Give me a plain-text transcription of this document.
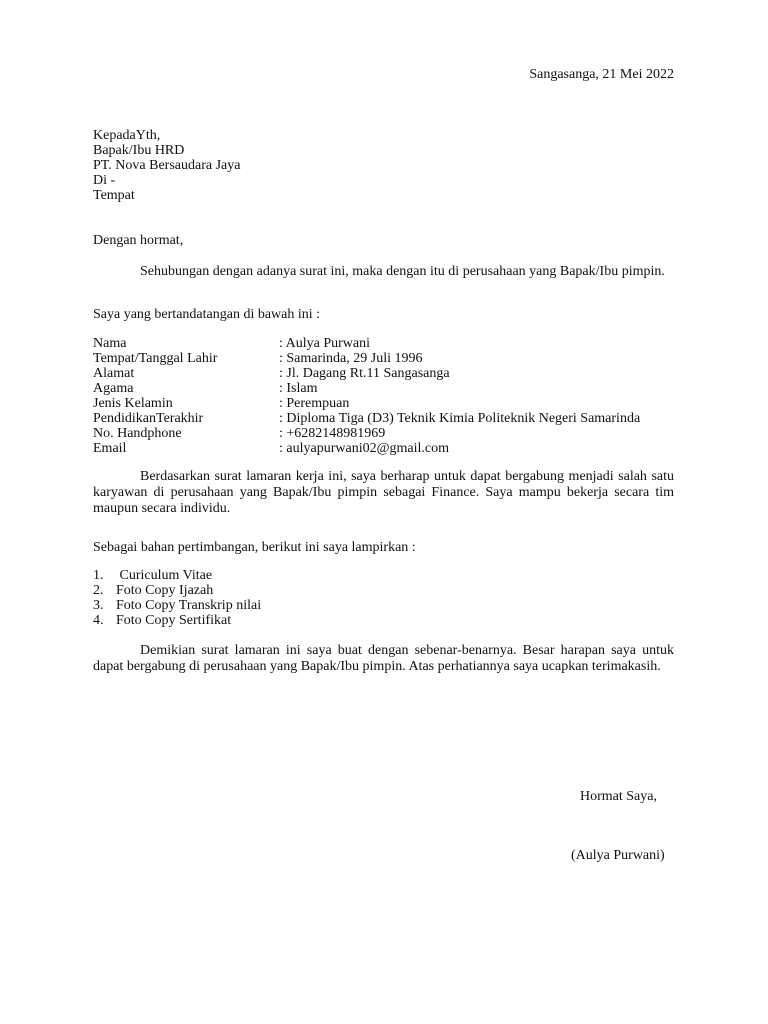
Sangasanga, 21 Mei 2022
KepadaYth,
Bapak/Ibu HRD
PT. Nova Bersaudara Jaya
Di -
Tempat
Dengan hormat,
Sehubungan dengan adanya surat ini, maka dengan itu di perusahaan yang Bapak/Ibu pimpin.
Saya yang bertandatangan di bawah ini :
Nama	: Aulya Purwani
Tempat/Tanggal Lahir	: Samarinda, 29 Juli 1996
Alamat	: Jl. Dagang Rt.11 Sangasanga
Agama	: Islam
Jenis Kelamin	: Perempuan
PendidikanTerakhir	: Diploma Tiga (D3) Teknik Kimia Politeknik Negeri Samarinda
No. Handphone	: +6282148981969
Email	: aulyapurwani02@gmail.com
Berdasarkan surat lamaran kerja ini, saya berharap untuk dapat bergabung menjadi salah satu karyawan di perusahaan yang Bapak/Ibu pimpin sebagai Finance. Saya mampu bekerja secara tim maupun secara individu.
Sebagai bahan pertimbangan, berikut ini saya lampirkan :
1. Curiculum Vitae
2. Foto Copy Ijazah
3. Foto Copy Transkrip nilai
4. Foto Copy Sertifikat
Demikian surat lamaran ini saya buat dengan sebenar-benarnya. Besar harapan saya untuk dapat bergabung di perusahaan yang Bapak/Ibu pimpin. Atas perhatiannya saya ucapkan terimakasih.
Hormat Saya,
(Aulya Purwani)
